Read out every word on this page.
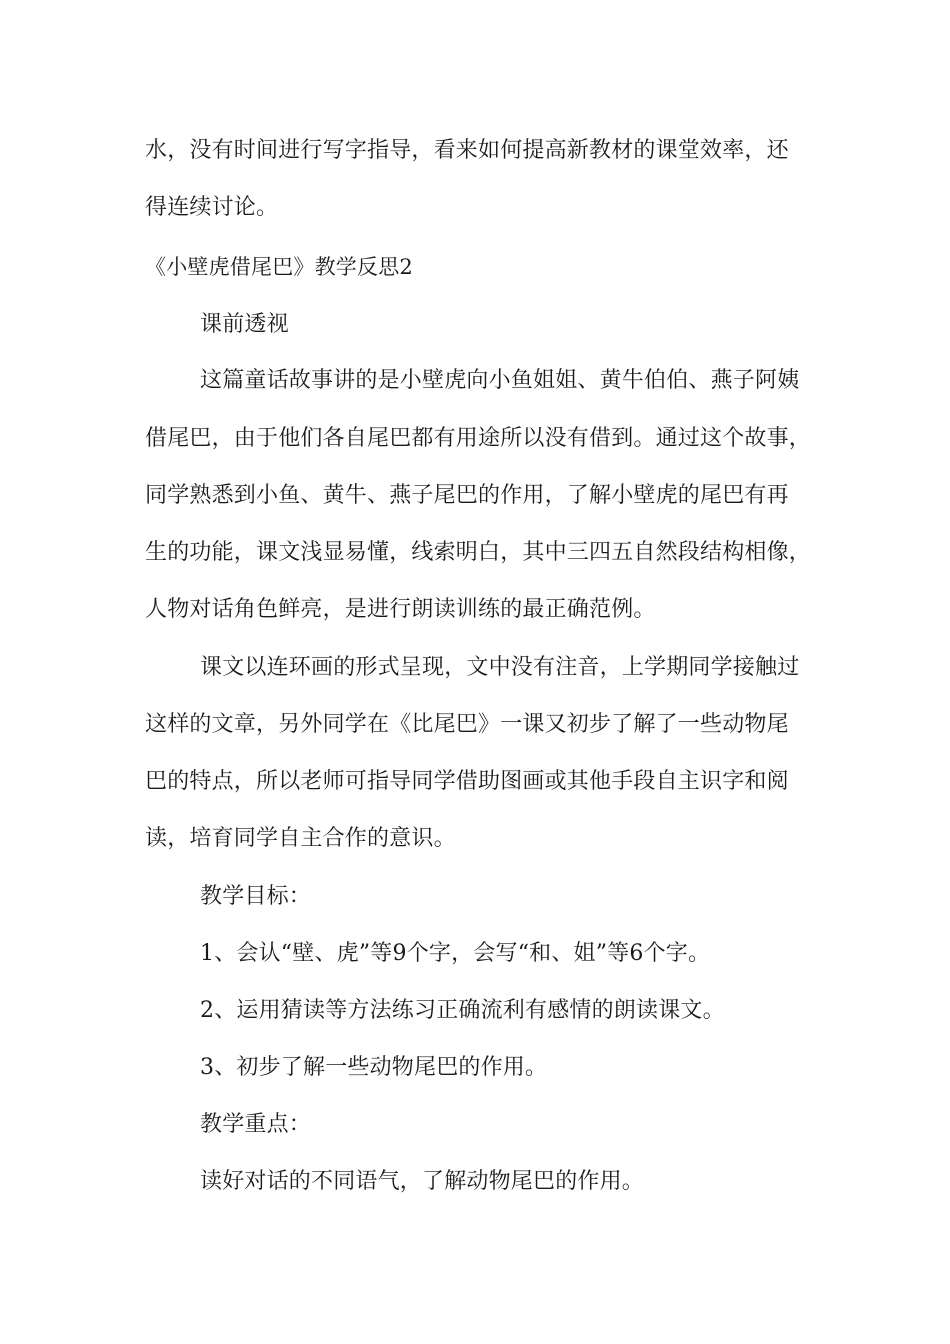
水，没有时间进行写字指导，看来如何提高新教材的课堂效率，还
得连续讨论。
《小壁虎借尾巴》教学反思2
课前透视
这篇童话故事讲的是小壁虎向小鱼姐姐、黄牛伯伯、燕子阿姨
借尾巴，由于他们各自尾巴都有用途所以没有借到。通过这个故事，
同学熟悉到小鱼、黄牛、燕子尾巴的作用，了解小壁虎的尾巴有再
生的功能，课文浅显易懂，线索明白，其中三四五自然段结构相像，
人物对话角色鲜亮，是进行朗读训练的最正确范例。
课文以连环画的形式呈现，文中没有注音，上学期同学接触过
这样的文章，另外同学在《比尾巴》一课又初步了解了一些动物尾
巴的特点，所以老师可指导同学借助图画或其他手段自主识字和阅
读，培育同学自主合作的意识。
教学目标：
1、会认“壁、虎”等9个字，会写“和、姐”等6个字。
2、运用猜读等方法练习正确流利有感情的朗读课文。
3、初步了解一些动物尾巴的作用。
教学重点：
读好对话的不同语气，了解动物尾巴的作用。
